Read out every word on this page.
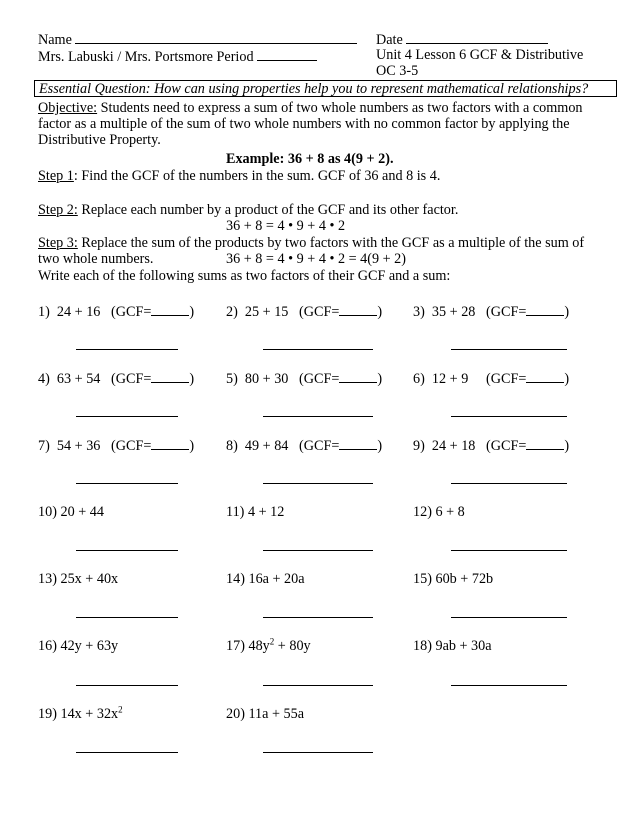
Name	Date
Mrs. Labuski / Mrs. Portsmore Period	Unit 4 Lesson 6 GCF & Distributive
OC 3-5
Essential Question: How can using properties help you to represent mathematical relationships?
Objective: Students need to express a sum of two whole numbers as two factors with a common factor as a multiple of the sum of two whole numbers with no common factor by applying the Distributive Property.
Example: 36 + 8 as 4(9 + 2).
Step 1: Find the GCF of the numbers in the sum. GCF of 36 and 8 is 4.
Step 2: Replace each number by a product of the GCF and its other factor.
36 + 8 = 4 • 9 + 4 • 2
Step 3: Replace the sum of the products by two factors with the GCF as a multiple of the sum of
two whole numbers.	36 + 8 = 4 • 9 + 4 • 2 = 4(9 + 2)
Write each of the following sums as two factors of their GCF and a sum:
1) 24 + 16 (GCF=	) 2) 25 + 15 (GCF=	) 3) 35 + 28 (GCF=	)
4) 63 + 54 (GCF=	) 5) 80 + 30 (GCF=	) 6) 12 + 9 (GCF=	)
7) 54 + 36 (GCF=	) 8) 49 + 84 (GCF=	) 9) 24 + 18 (GCF=	)
10) 20 + 44	11) 4 + 12	12) 6 + 8
13) 25x + 40x	14) 16a + 20a	15) 60b + 72b
16) 42y + 63y	17) $48y^2 + 80y$	18) 9ab + 30a
19) $14x + 32x^2$	20) 11a + 55a
